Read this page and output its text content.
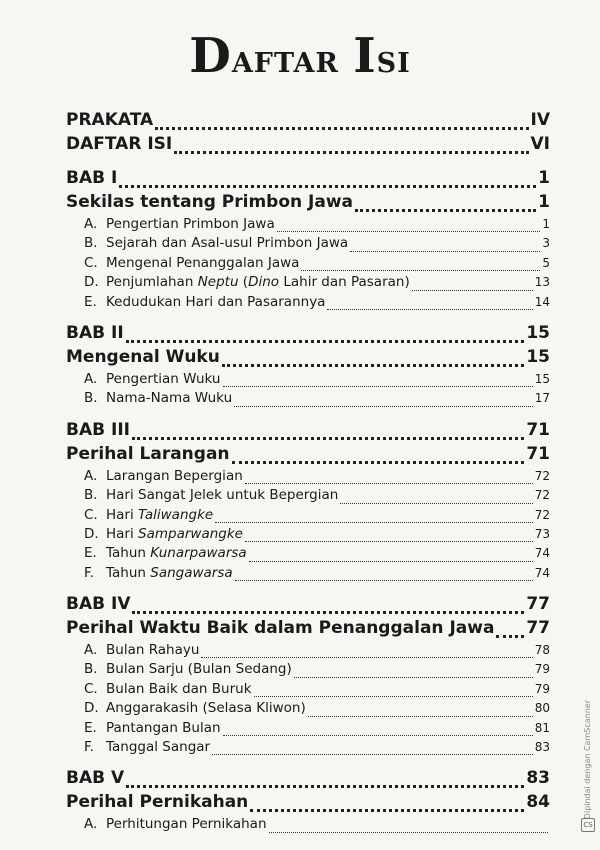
Daftar Isi
PRAKATA	IV
DAFTAR ISI	VI
BAB I	1
Sekilas tentang Primbon Jawa	1
A. Pengertian Primbon Jawa	1
B. Sejarah dan Asal-usul Primbon Jawa	3
C. Mengenal Penanggalan Jawa	5
D. Penjumlahan Neptu (Dino Lahir dan Pasaran)	13
E. Kedudukan Hari dan Pasarannya	14
BAB II	15
Mengenal Wuku	15
A. Pengertian Wuku	15
B. Nama-Nama Wuku	17
BAB III	71
Perihal Larangan	71
A. Larangan Bepergian	72
B. Hari Sangat Jelek untuk Bepergian	72
C. Hari Taliwangke	72
D. Hari Samparwangke	73
E. Tahun Kunarpawarsa	74
F. Tahun Sangawarsa	74
BAB IV	77
Perihal Waktu Baik dalam Penanggalan Jawa 77
A. Bulan Rahayu	78
B. Bulan Sarju (Bulan Sedang)	79
C. Bulan Baik dan Buruk	79
D. Anggarakasih (Selasa Kliwon)	80
E. Pantangan Bulan	81
F. Tanggal Sangar	83
BAB V	83
Perihal Pernikahan	84
A. Perhitungan Pernikahan
Dipindai dengan CamScanner
CS
